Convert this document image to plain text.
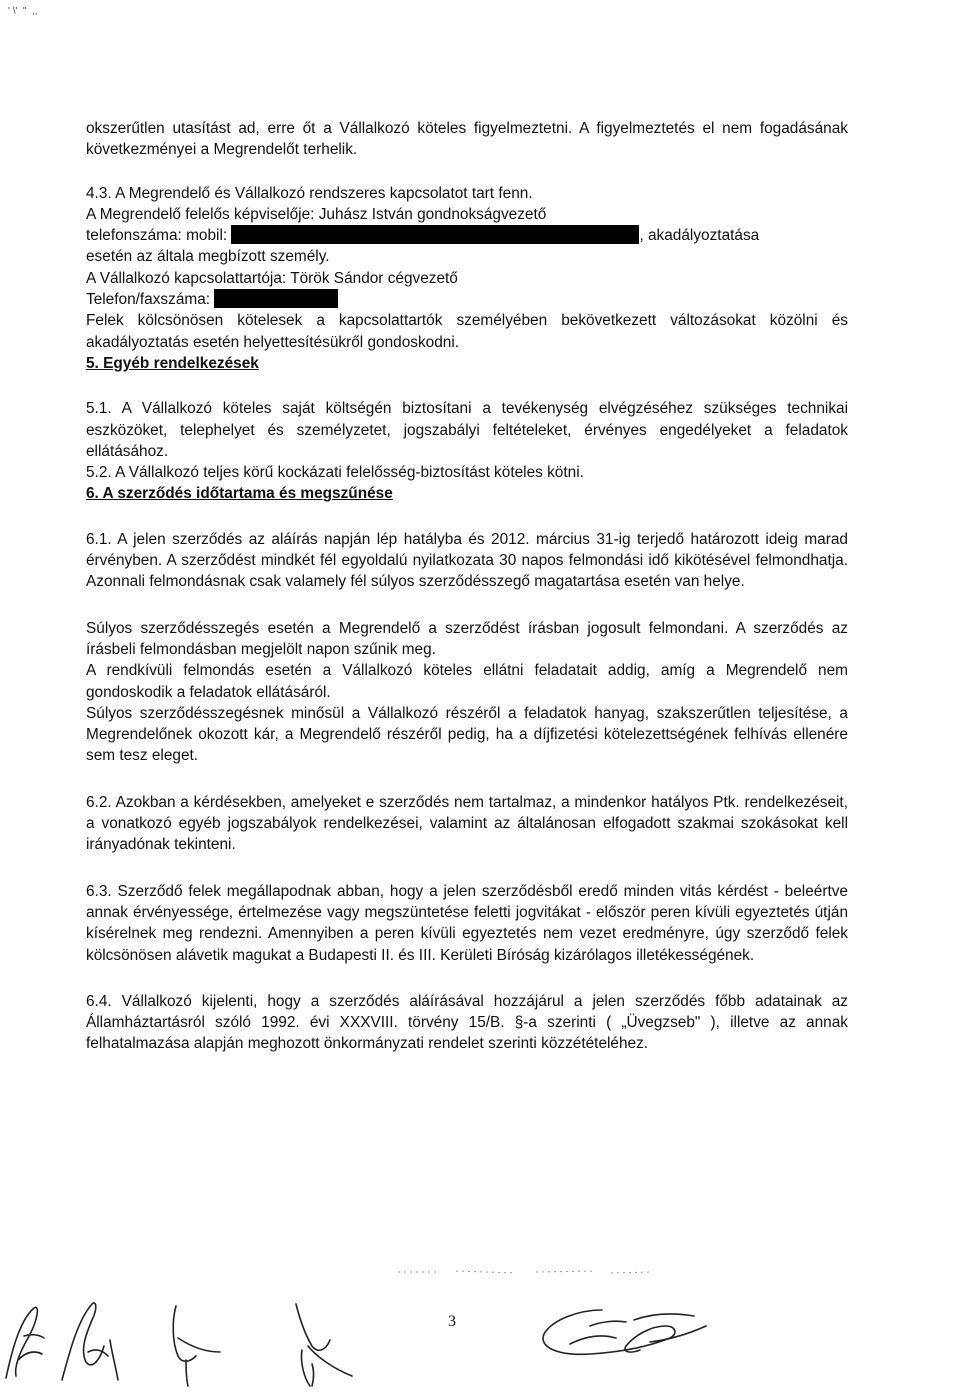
' \'  "  ,,

okszerűtlen utasítást ad, erre őt a Vállalkozó köteles figyelmeztetni. A figyelmeztetés el nem fogadásának következményei a Megrendelőt terhelik.

4.3. A Megrendelő és Vállalkozó rendszeres kapcsolatot tart fenn.

A Megrendelő felelős képviselője: Juhász István gondnokságvezető

telefonszáma: mobil:	, akadályoztatása

esetén az általa megbízott személy.

A Vállalkozó kapcsolattartója: Török Sándor cégvezető

Telefon/faxszáma:

Felek kölcsönösen kötelesek a kapcsolattartók személyében bekövetkezett változásokat közölni és akadályoztatás esetén helyettesítésükről gondoskodni.

5. Egyéb rendelkezések

5.1. A Vállalkozó köteles saját költségén biztosítani a tevékenység elvégzéséhez szükséges technikai eszközöket, telephelyet és személyzetet, jogszabályi feltételeket, érvényes engedélyeket a feladatok ellátásához.

5.2. A Vállalkozó teljes körű kockázati felelősség-biztosítást köteles kötni.

6. A szerződés időtartama és megszűnése

6.1. A jelen szerződés az aláírás napján lép hatályba és 2012. március 31-ig terjedő határozott ideig marad érvényben. A szerződést mindkét fél egyoldalú nyilatkozata 30 napos felmondási idő kikötésével felmondhatja. Azonnali felmondásnak csak valamely fél súlyos szerződésszegő magatartása esetén van helye.

Súlyos szerződésszegés esetén a Megrendelő a szerződést írásban jogosult felmondani. A szerződés az írásbeli felmondásban megjelölt napon szűnik meg.

A rendkívüli felmondás esetén a Vállalkozó köteles ellátni feladatait addig, amíg a Megrendelő nem gondoskodik a feladatok ellátásáról.

Súlyos szerződésszegésnek minősül a Vállalkozó részéről a feladatok hanyag, szakszerűtlen teljesítése, a Megrendelőnek okozott kár, a Megrendelő részéről pedig, ha a díjfizetési kötelezettségének felhívás ellenére sem tesz eleget.

6.2. Azokban a kérdésekben, amelyeket e szerződés nem tartalmaz, a mindenkor hatályos Ptk. rendelkezéseit, a vonatkozó egyéb jogszabályok rendelkezései, valamint az általánosan elfogadott szakmai szokásokat kell irányadónak tekinteni.

6.3. Szerződő felek megállapodnak abban, hogy a jelen szerződésből eredő minden vitás kérdést - beleértve annak érvényessége, értelmezése vagy megszüntetése feletti jogvitákat - először peren kívüli egyeztetés útján kísérelnek meg rendezni. Amennyiben a peren kívüli egyeztetés nem vezet eredményre, úgy szerződő felek kölcsönösen alávetik magukat a Budapesti II. és III. Kerületi Bíróság kizárólagos illetékességének.

6.4. Vállalkozó kijelenti, hogy a szerződés aláírásával hozzájárul a jelen szerződés főbb adatainak az Államháztartásról szóló 1992. évi XXXVIII. törvény 15/B. §-a szerinti ( „Üvegzseb" ), illetve az annak felhatalmazása alapján meghozott önkormányzati rendelet szerinti közzétételéhez.

3
